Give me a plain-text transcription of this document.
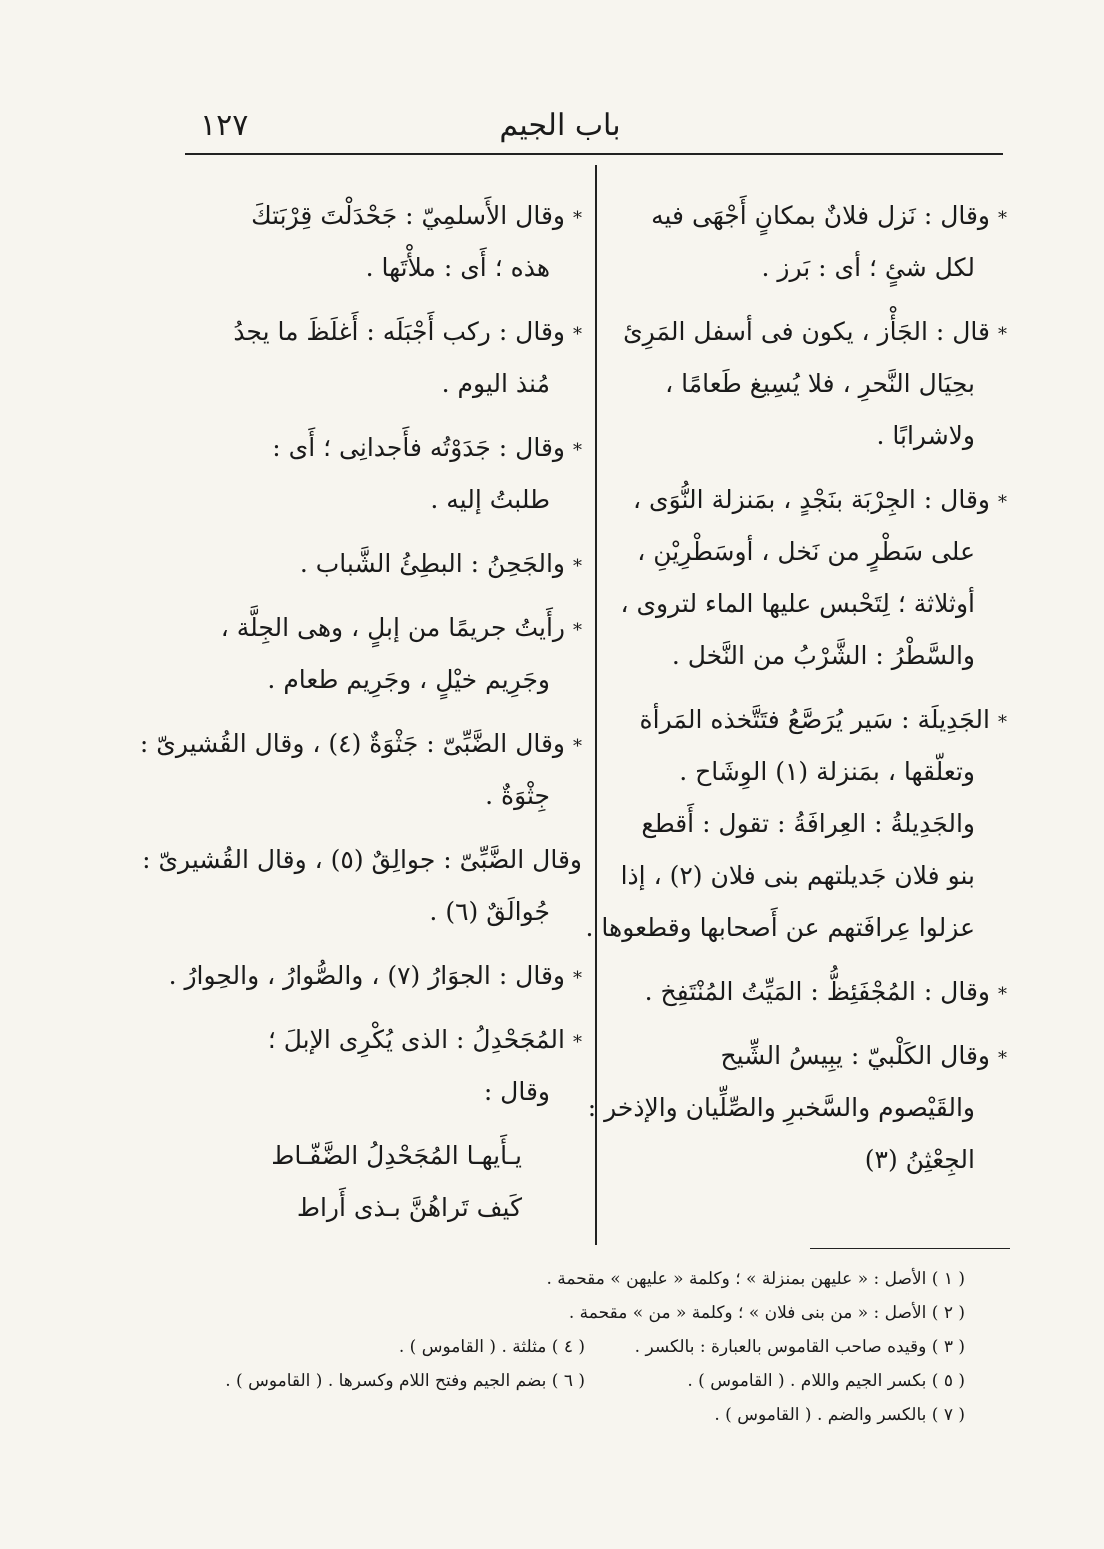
باب الجيم
١٢٧
*وقال : نَزل فلانٌ بمكانٍ أَجْهَى فيه
لكل شئٍ ؛ أى : بَرز .
*قال : الجَأْز ، يكون فى أسفل المَرِئ
بحِيَال النَّحرِ ، فلا يُسِيغ طَعامًا ،
ولاشرابًا .
*وقال : الجِرْبَة بنَجْدٍ ، بمَنزلة النُّوَى ،
على سَطْرٍ من نَخل ، أوسَطْرِيْنِ ،
أوثلاثة ؛ لِتَحْبس عليها الماء لتروى ،
والسَّطْرُ : الشَّرْبُ من النَّخل .
*الجَدِيلَة : سَير يُرَصَّعُ فتَتَّخذه المَرأة
وتعلّقها ، بمَنزلة (١) الوِشَاح .
والجَدِيلةُ : العِرافَةُ : تقول : أَقطع
بنو فلان جَديلتهم بنى فلان (٢) ، إذا
عزلوا عِرافَتهم عن أَصحابها وقطعوها .
*وقال : المُجْفَئِظُّ : المَيِّتُ المُنْتَفِخ .
*وقال الكَلْبيّ : يبِيسُ الشِّيح
والقَيْصوم والسَّخبرِ والصِّلِّيان والإذخر :
الجِعْثِنُ (٣)
*وقال الأَسلمِيّ : جَحْدَلْتَ قِرْبَتكَ
هذه ؛ أَى : ملأْتَها .
*وقال : ركب أَجْبَلَه : أَغلَظَ ما يجدُ
مُنذ اليوم .
*وقال : جَدَوْتُه فأَجدانِى ؛ أَى :
طلبتُ إليه .
*والجَحِنُ : البطِئُ الشَّباب .
*رأَيتُ جريمًا من إبلٍ ، وهى الجِلَّة ،
وجَرِيم خيْلٍ ، وجَرِيم طعام .
*وقال الضَّبِّىّ : جَثْوَةٌ (٤) ، وقال القُشيرىّ :
جِثْوَةٌ .
وقال الضَّبِّىّ : جوالِقٌ (٥) ، وقال القُشيرىّ :
جُوالَقٌ (٦) .
*وقال : الجوَارُ (٧) ، والصُّوارُ ، والحِوارُ .
*المُجَحْدِلُ : الذى يُكْرِى الإبلَ ؛
وقال :
يـأَيهـا المُجَحْدِلُ الضَّفّـاط
كَيف تَراهُنَّ بـذى أَراط
( ١ ) الأصل : « عليهن بمنزلة » ؛ وكلمة « عليهن » مقحمة .
( ٢ ) الأصل : « من بنى فلان » ؛ وكلمة « من » مقحمة .
( ٣ ) وقيده صاحب القاموس بالعبارة : بالكسر .
( ٤ ) مثلثة . ( القاموس ) .
( ٥ ) بكسر الجيم واللام . ( القاموس ) .
( ٦ ) بضم الجيم وفتح اللام وكسرها . ( القاموس ) .
( ٧ ) بالكسر والضم . ( القاموس ) .
